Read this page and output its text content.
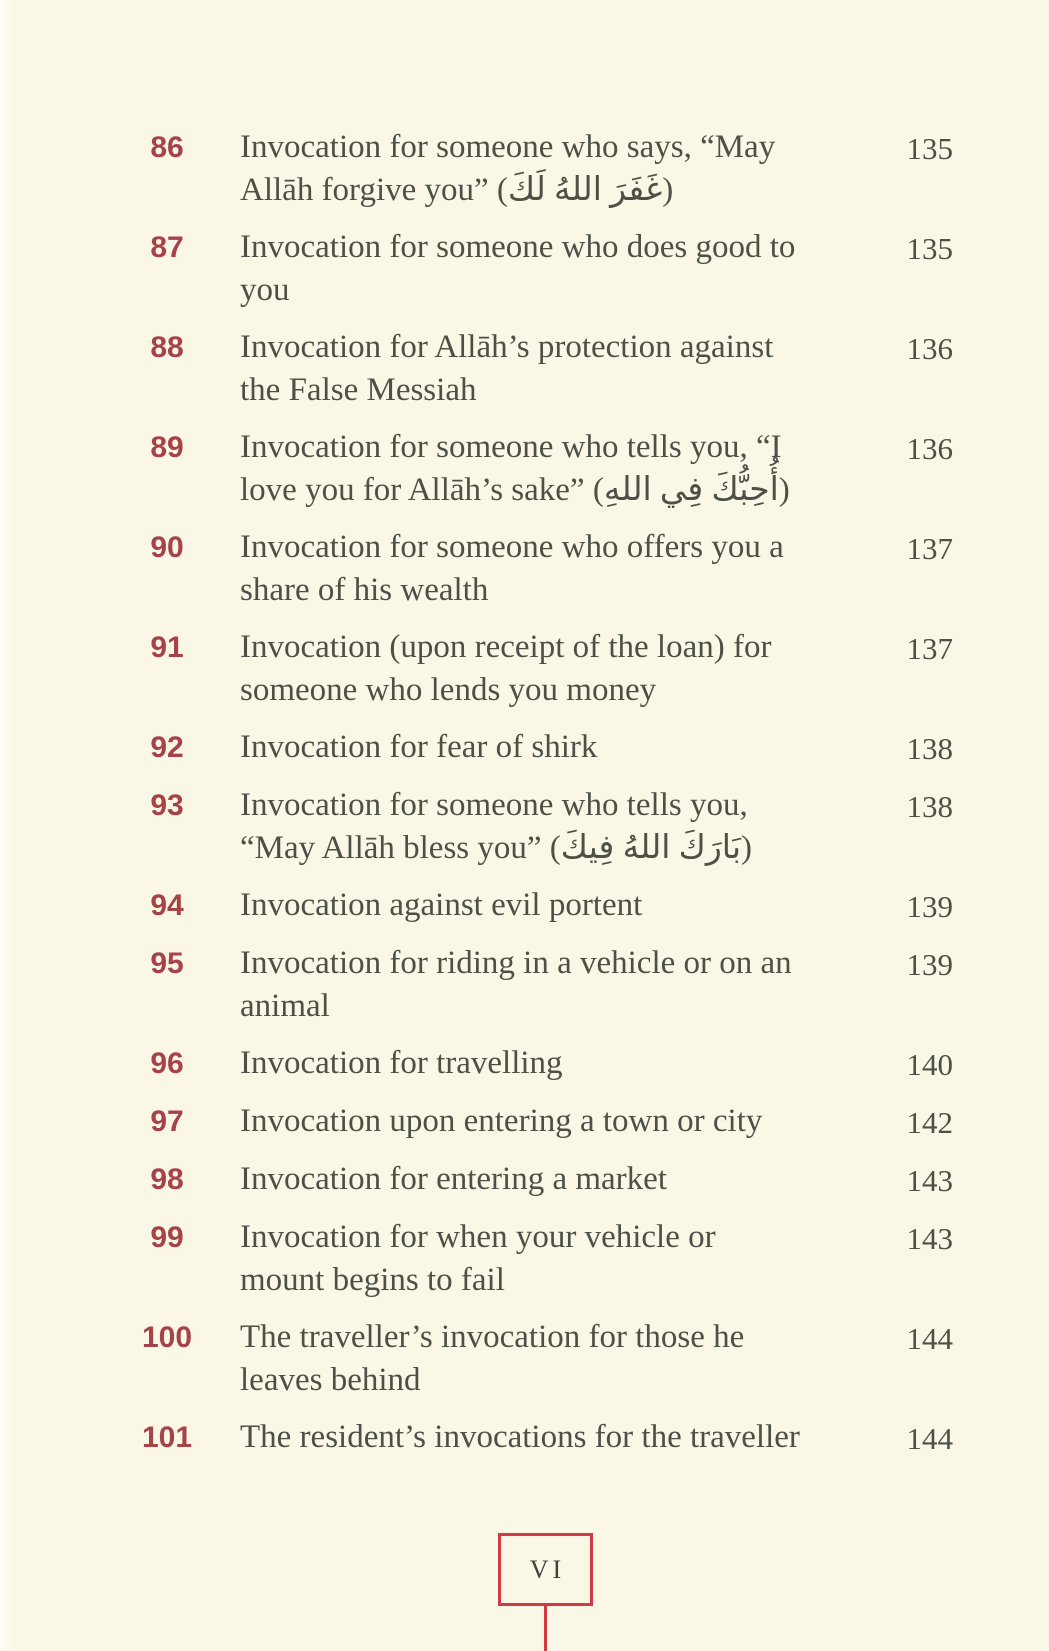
86	Invocation for someone who says, “May
Allāh forgive you” (غَفَرَ اللهُ لَكَ)
135
87	Invocation for someone who does good to
you
135
88	Invocation for Allāh’s protection against
the False Messiah
136
89	Invocation for someone who tells you, “I
love you for Allāh’s sake” (أُحِبُّكَ فِي اللهِ)
136
90	Invocation for someone who offers you a
share of his wealth
137
91	Invocation (upon receipt of the loan) for
someone who lends you money
137
92	Invocation for fear of shirk	138
93	Invocation for someone who tells you,
“May Allāh bless you” (بَارَكَ اللهُ فِيكَ)
138
94	Invocation against evil portent	139
95	Invocation for riding in a vehicle or on an
animal
139
96	Invocation for travelling	140
97	Invocation upon entering a town or city	142
98	Invocation for entering a market	143
99	Invocation for when your vehicle or
mount begins to fail
143
100	The traveller’s invocation for those he
leaves behind
144
101	The resident’s invocations for the traveller	144
VI
